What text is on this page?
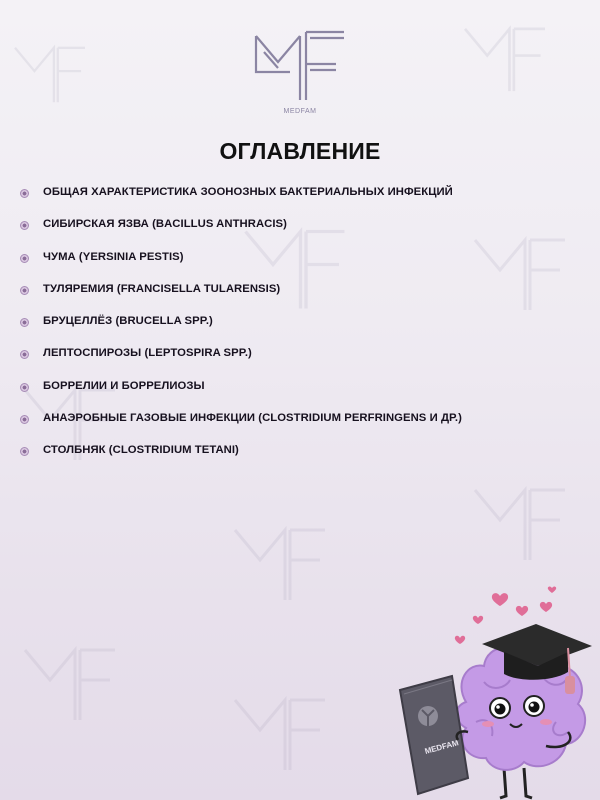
MEDFAM
ОГЛАВЛЕНИЕ
ОБЩАЯ ХАРАКТЕРИСТИКА ЗООНОЗНЫХ БАКТЕРИАЛЬНЫХ ИНФЕКЦИЙ
СИБИРСКАЯ ЯЗВА (BACILLUS ANTHRACIS)
ЧУМА (YERSINIA PESTIS)
ТУЛЯРЕМИЯ (FRANCISELLA TULARENSIS)
БРУЦЕЛЛЁЗ (BRUCELLA SPP.)
ЛЕПТОСПИРОЗЫ (LEPTOSPIRA SPP.)
БОРРЕЛИИ И БОРРЕЛИОЗЫ
АНАЭРОБНЫЕ ГАЗОВЫЕ ИНФЕКЦИИ (CLOSTRIDIUM PERFRINGENS И ДР.)
СТОЛБНЯК (CLOSTRIDIUM TETANI)
MEDFAM
